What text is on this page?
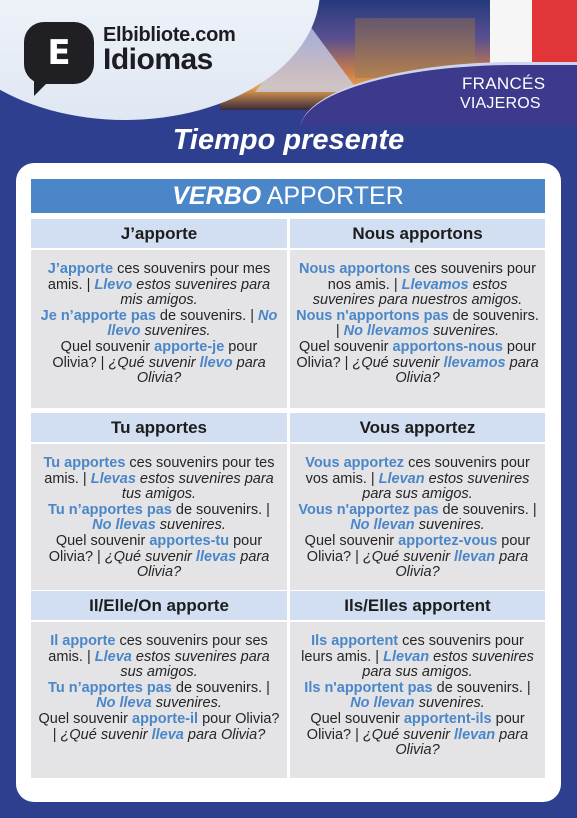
E Elbibliote.com
Idiomas
FRANCÉS
VIAJEROS
Tiempo presente
VERBO APPORTER
J’apporte

J’apporte ces souvenirs pour mes amis. | Llevo estos suvenires para mis amigos.

Je n’apporte pas de souvenirs. | No llevo suvenires.

Quel souvenir apporte-je pour Olivia? | ¿Qué suvenir llevo para Olivia?

Nous apportons

Nous apportons ces souvenirs pour nos amis. | Llevamos estos suvenires para nuestros amigos.

Nous n'apportons pas de souvenirs. | No llevamos suvenires.

Quel souvenir apportons-nous pour Olivia? | ¿Qué suvenir llevamos para Olivia?

Tu apportes

Tu apportes ces souvenirs pour tes amis. | Llevas estos suvenires para tus amigos.

Tu n’apportes pas de souvenirs. | No llevas suvenires.

Quel souvenir apportes-tu pour Olivia? | ¿Qué suvenir llevas para Olivia?

Vous apportez

Vous apportez ces souvenirs pour vos amis. | Llevan estos suvenires para sus amigos.

Vous n'apportez pas de souvenirs. | No llevan suvenires.

Quel souvenir apportez-vous pour Olivia? | ¿Qué suvenir llevan para Olivia?

Il/Elle/On apporte

Il apporte ces souvenirs pour ses amis. | Lleva estos suvenires para sus amigos.

Tu n’apportes pas de souvenirs. | No lleva suvenires.

Quel souvenir apporte-il pour Olivia? | ¿Qué suvenir lleva para Olivia?

Ils/Elles apportent

Ils apportent ces souvenirs pour leurs amis. | Llevan estos suvenires para sus amigos.

Ils n'apportent pas de souvenirs. | No llevan suvenires.

Quel souvenir apportent-ils pour Olivia? | ¿Qué suvenir llevan para Olivia?
